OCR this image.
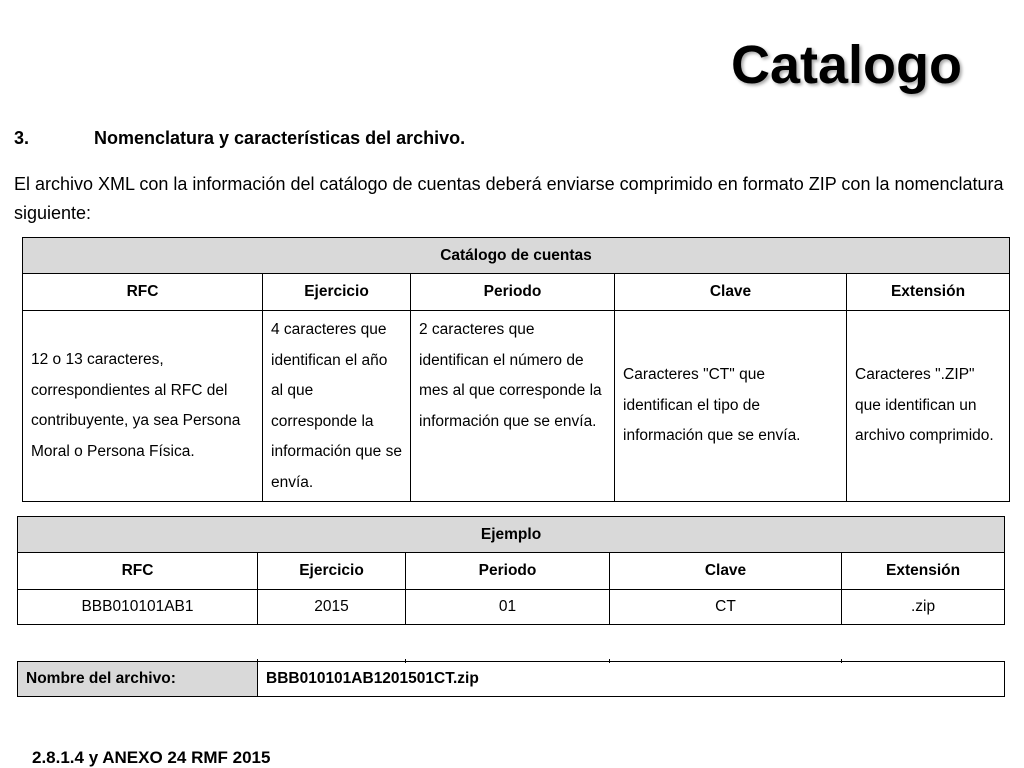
Catalogo

3.	Nomenclatura y características del archivo.

El archivo XML con la información del catálogo de cuentas deberá enviarse comprimido en formato ZIP con la nomenclatura siguiente:

Catálogo de cuentas				
RFC	Ejercicio	Periodo	Clave	Extensión
12 o 13 caracteres, correspondientes al RFC del contribuyente, ya sea Persona Moral o Persona Física.	4 caracteres que identifican el año al que corresponde la información que se envía.	2 caracteres que identifican el número de mes al que corresponde la información que se envía.	Caracteres "CT" que identifican el tipo de información que se envía.	Caracteres ".ZIP" que identifican un archivo comprimido.
Ejemplo				
RFC	Ejercicio	Periodo	Clave	Extensión
BBB010101AB1	2015	01	CT	.zip
Nombre del archivo:	BBB010101AB1201501CT.zip

2.8.1.4 y ANEXO 24 RMF 2015
